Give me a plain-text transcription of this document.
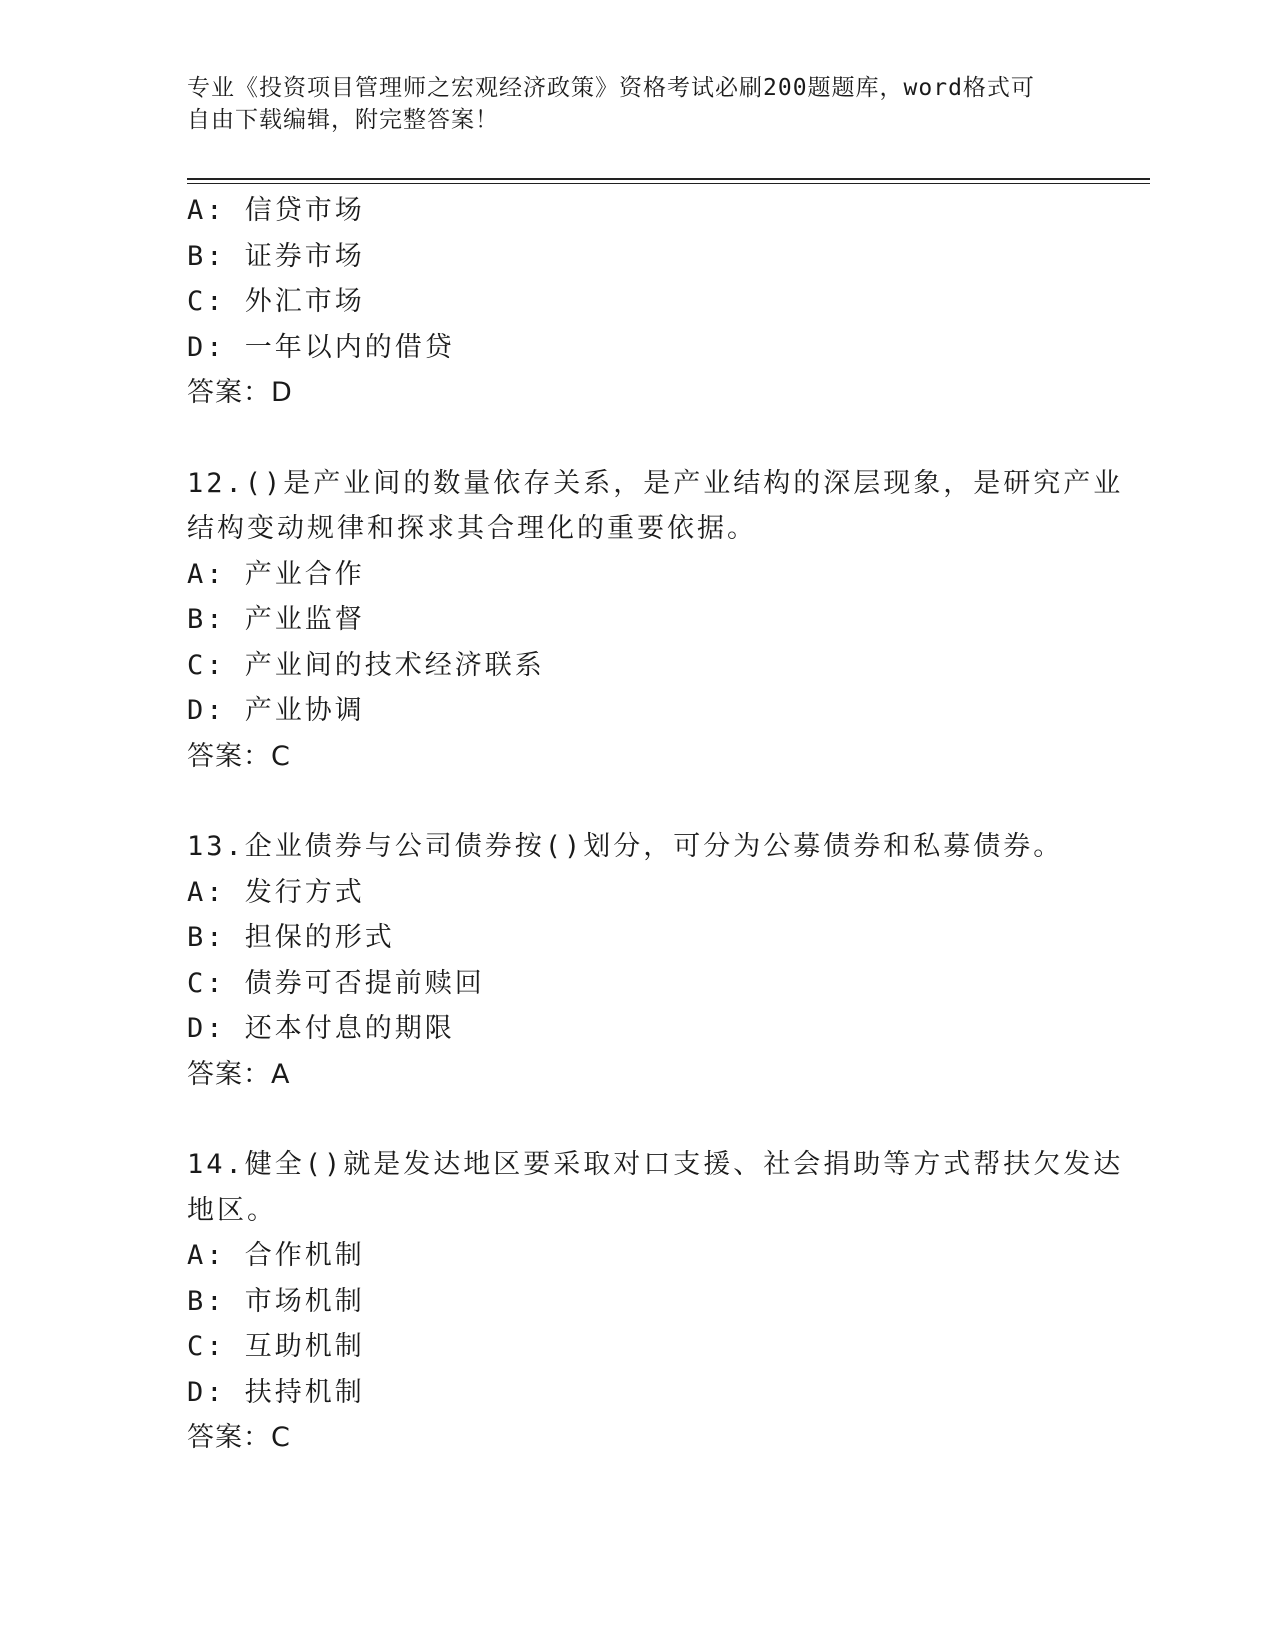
专业《投资项目管理师之宏观经济政策》资格考试必刷200题题库，word格式可
自由下载编辑，附完整答案！
A: 信贷市场
B: 证券市场
C: 外汇市场
D: 一年以内的借贷
答案：D
12.()是产业间的数量依存关系，是产业结构的深层现象，是研究产业
结构变动规律和探求其合理化的重要依据。
A: 产业合作
B: 产业监督
C: 产业间的技术经济联系
D: 产业协调
答案：C
13.企业债券与公司债券按()划分，可分为公募债券和私募债券。
A: 发行方式
B: 担保的形式
C: 债券可否提前赎回
D: 还本付息的期限
答案：A
14.健全()就是发达地区要采取对口支援、社会捐助等方式帮扶欠发达
地区。
A: 合作机制
B: 市场机制
C: 互助机制
D: 扶持机制
答案：C
